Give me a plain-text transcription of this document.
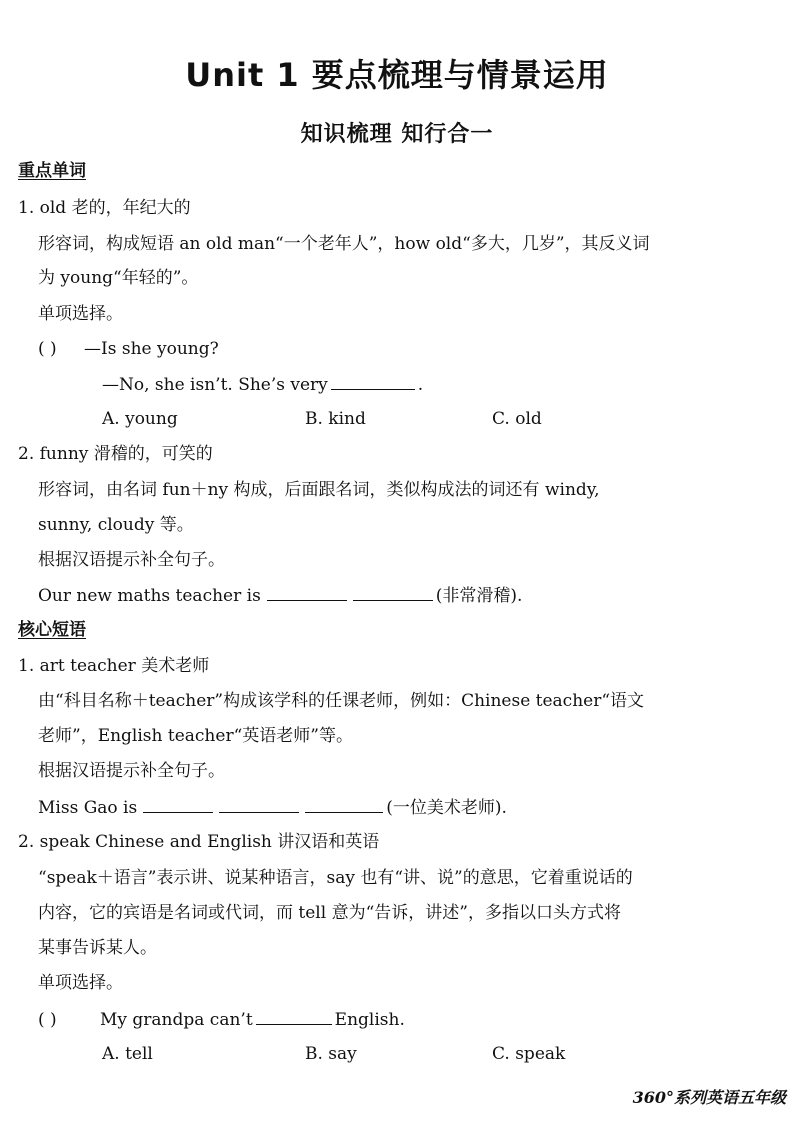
Unit 1 要点梳理与情景运用
知识梳理 知行合一
重点单词
1. old 老的，年纪大的
形容词，构成短语 an old man“一个老年人”，how old“多大，几岁”，其反义词
为 young“年轻的”。
单项选择。
( ) —Is she young?
—No, she isn’t. She’s very	.
A. young	B. kind	C. old
2. funny 滑稽的，可笑的
形容词，由名词 fun＋ny 构成，后面跟名词，类似构成法的词还有 windy,
sunny, cloudy 等。
根据汉语提示补全句子。
Our new maths teacher is	(非常滑稽).
核心短语
1. art teacher 美术老师
由“科目名称＋teacher”构成该学科的任课老师，例如：Chinese teacher“语文
老师”，English teacher“英语老师”等。
根据汉语提示补全句子。
Miss Gao is	(一位美术老师).
2. speak Chinese and English 讲汉语和英语
“speak＋语言”表示讲、说某种语言，say 也有“讲、说”的意思，它着重说话的
内容，它的宾语是名词或代词，而 tell 意为“告诉，讲述”，多指以口头方式将
某事告诉某人。
单项选择。
( )	My grandpa can’t	English.
A. tell	B. say	C. speak
360°系列英语五年级
